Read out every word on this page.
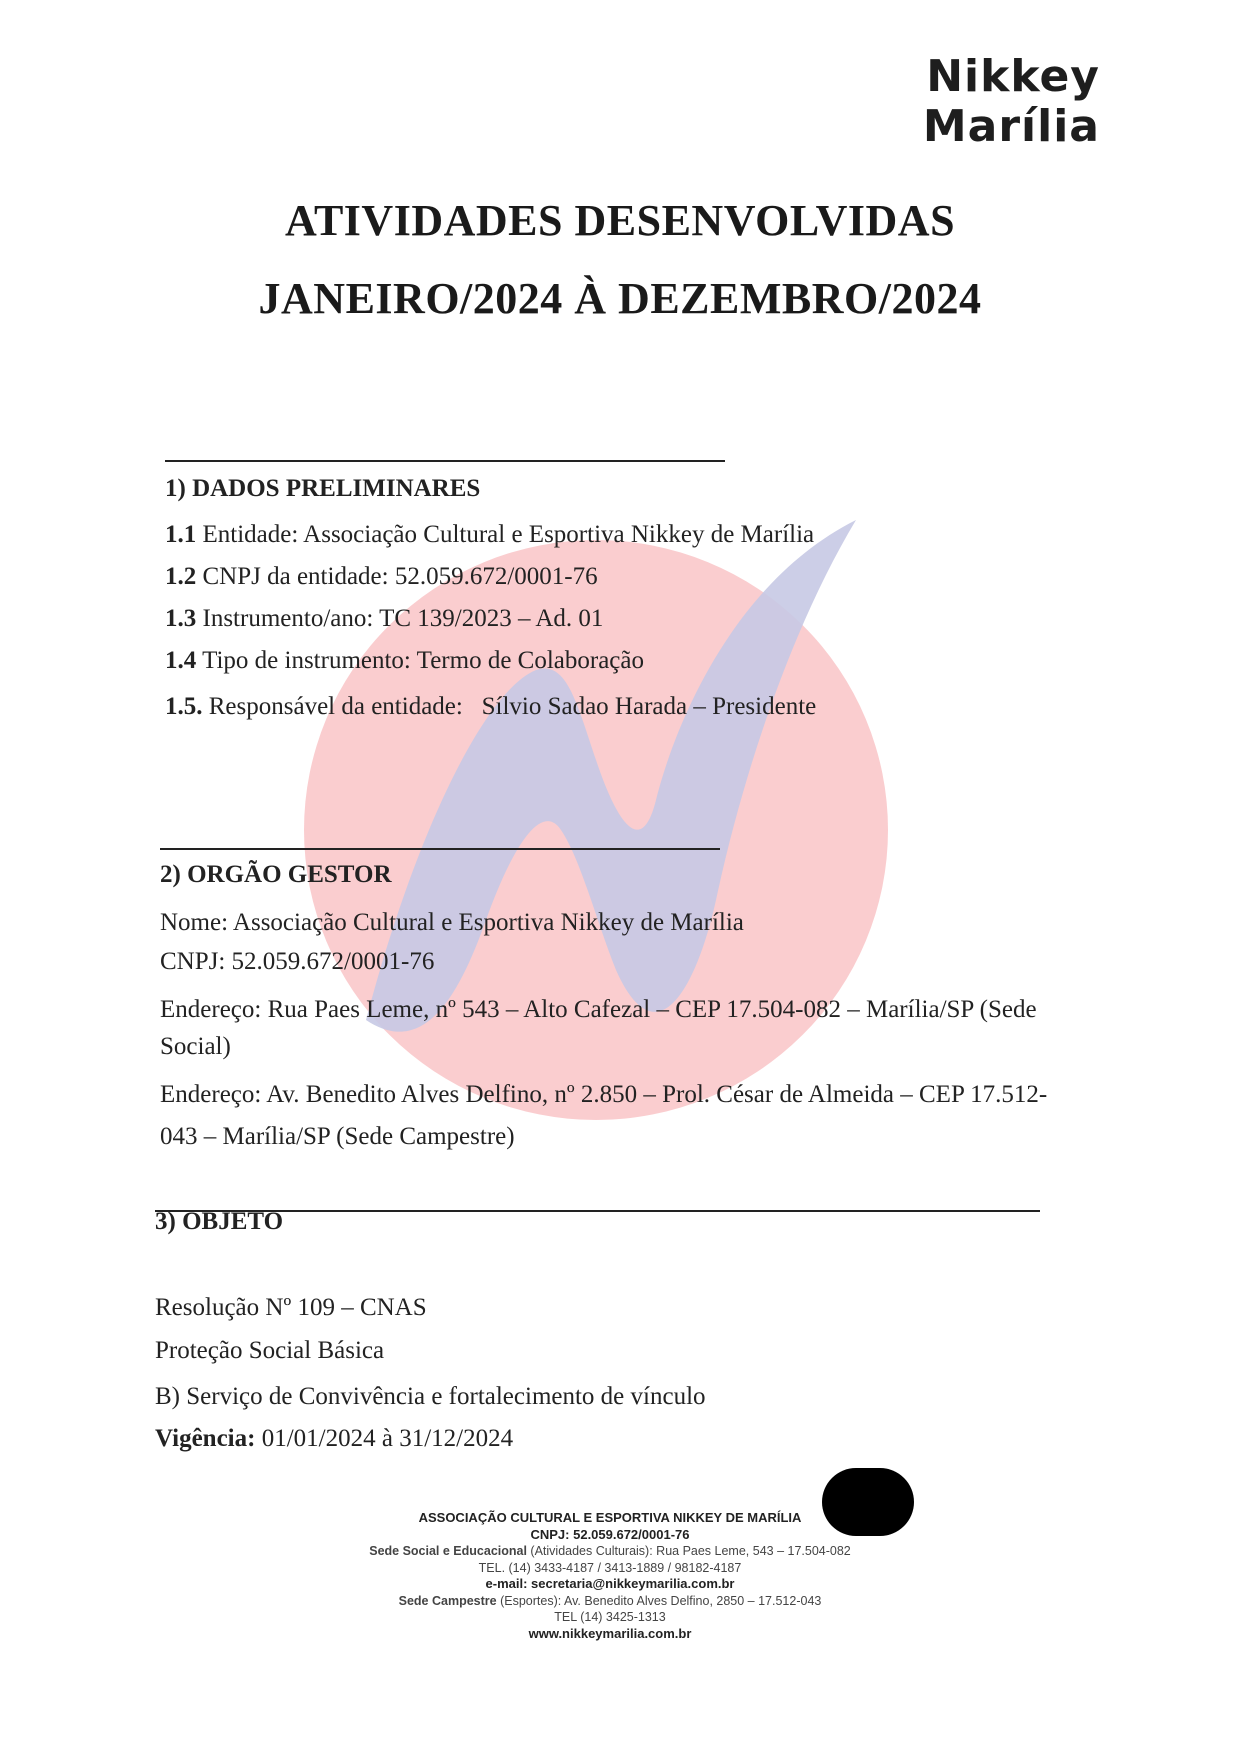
Nikkey
Marília
ATIVIDADES DESENVOLVIDAS
JANEIRO/2024 À DEZEMBRO/2024
1) DADOS PRELIMINARES
1.1 Entidade: Associação Cultural e Esportiva Nikkey de Marília
1.2 CNPJ da entidade: 52.059.672/0001-76
1.3 Instrumento/ano: TC 139/2023 – Ad. 01
1.4 Tipo de instrumento: Termo de Colaboração
1.5. Responsável da entidade:   Sílvio Sadao Harada – Presidente
2) ORGÃO GESTOR
Nome: Associação Cultural e Esportiva Nikkey de Marília
CNPJ: 52.059.672/0001-76
Endereço: Rua Paes Leme, nº 543 – Alto Cafezal – CEP 17.504-082 – Marília/SP (Sede
Social)
Endereço: Av. Benedito Alves Delfino, nº 2.850 – Prol. César de Almeida – CEP 17.512-
043 – Marília/SP (Sede Campestre)
3) OBJETO
Resolução Nº 109 – CNAS
Proteção Social Básica
B) Serviço de Convivência e fortalecimento de vínculo
Vigência: 01/01/2024 à 31/12/2024
ASSOCIAÇÃO CULTURAL E ESPORTIVA NIKKEY DE MARÍLIA
CNPJ: 52.059.672/0001-76
Sede Social e Educacional (Atividades Culturais): Rua Paes Leme, 543 – 17.504-082
TEL. (14) 3433-4187 / 3413-1889 / 98182-4187
e-mail: secretaria@nikkeymarilia.com.br
Sede Campestre (Esportes): Av. Benedito Alves Delfino, 2850 – 17.512-043
TEL (14) 3425-1313
www.nikkeymarilia.com.br
